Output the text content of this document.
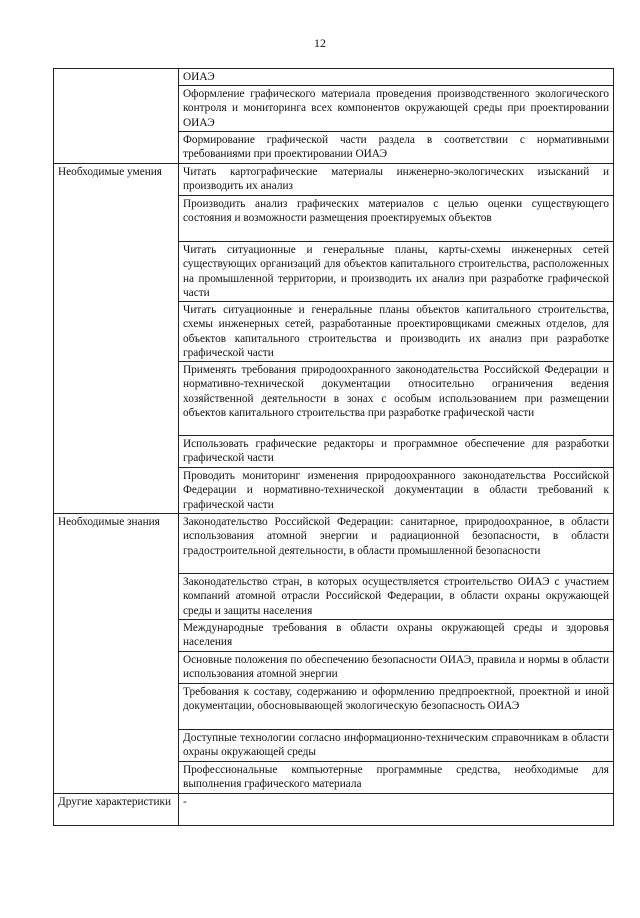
12
	ОИАЭ
	Оформление графического материала проведения производственного экологического контроля и мониторинга всех компонентов окружающей среды при проектировании ОИАЭ
	Формирование графической части раздела в соответствии с нормативными требованиями при проектировании ОИАЭ
Необходимые умения	Читать картографические материалы инженерно-экологических изысканий и производить их анализ
	Производить анализ графических материалов с целью оценки существующего состояния и возможности размещения проектируемых объектов
	Читать ситуационные и генеральные планы, карты-схемы инженерных сетей существующих организаций для объектов капитального строительства, расположенных на промышленной территории, и производить их анализ при разработке графической части
	Читать ситуационные и генеральные планы объектов капитального строительства, схемы инженерных сетей, разработанные проектировщиками смежных отделов, для объектов капитального строительства и производить их анализ при разработке графической части
	Применять требования природоохранного законодательства Российской Федерации и нормативно-технической документации относительно ограничения ведения хозяйственной деятельности в зонах с особым использованием при размещении объектов капитального строительства при разработке графической части
	Использовать графические редакторы и программное обеспечение для разработки графической части
	Проводить мониторинг изменения природоохранного законодательства Российской Федерации и нормативно-технической документации в области требований к графической части
Необходимые знания	Законодательство Российской Федерации: санитарное, природоохранное, в области использования атомной энергии и радиационной безопасности, в области градостроительной деятельности, в области промышленной безопасности
	Законодательство стран, в которых осуществляется строительство ОИАЭ с участием компаний атомной отрасли Российской Федерации, в области охраны окружающей среды и защиты населения
	Международные требования в области охраны окружающей среды и здоровья населения
	Основные положения по обеспечению безопасности ОИАЭ, правила и нормы в области использования атомной энергии
	Требования к составу, содержанию и оформлению предпроектной, проектной и иной документации, обосновывающей экологическую безопасность ОИАЭ
	Доступные технологии согласно информационно-техническим справочникам в области охраны окружающей среды
	Профессиональные компьютерные программные средства, необходимые для выполнения графического материала
Другие характеристики	-
